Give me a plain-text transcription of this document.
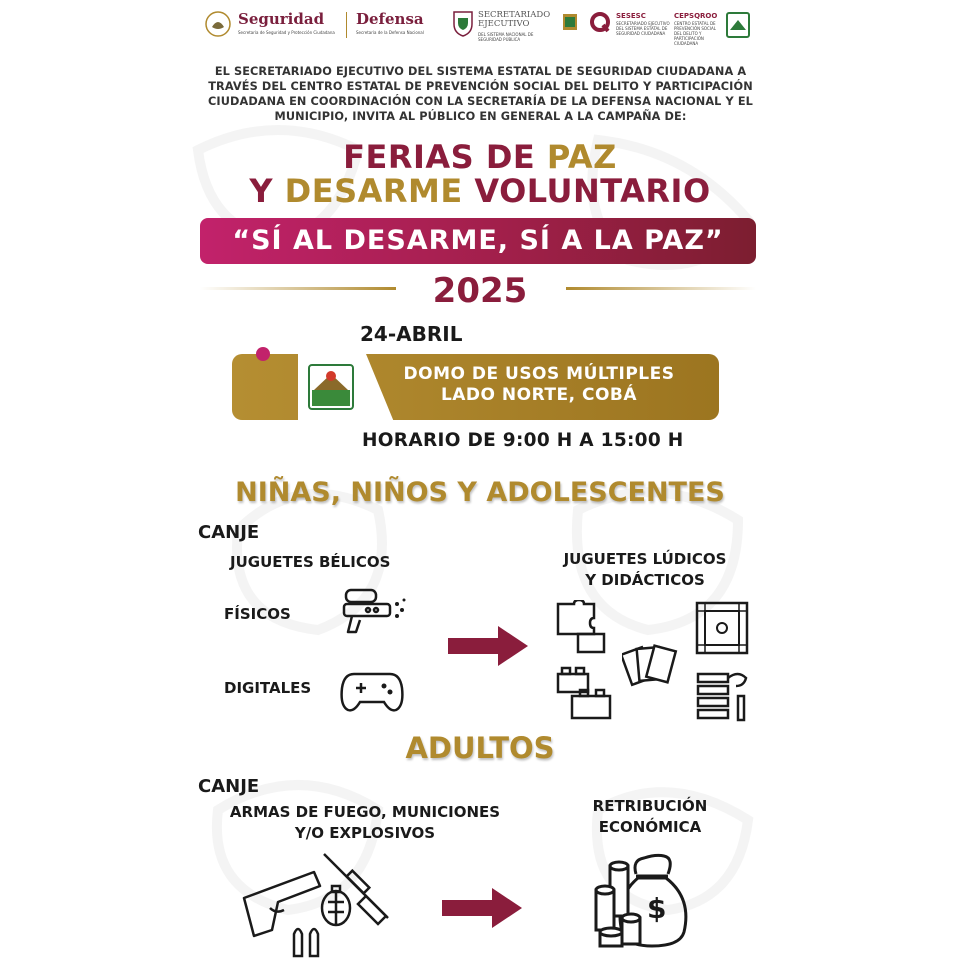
Seguridad
Secretaría de Seguridad y Protección Ciudadana
Defensa
Secretaría de la Defensa Nacional
SECRETARIADO EJECUTIVO
DEL SISTEMA NACIONAL DE SEGURIDAD PÚBLICA
SESESC
SECRETARIADO EJECUTIVO DEL SISTEMA ESTATAL DE SEGURIDAD CIUDADANA
CEPSQROO
CENTRO ESTATAL DE PREVENCIÓN SOCIAL DEL DELITO Y PARTICIPACIÓN CIUDADANA
EL SECRETARIADO EJECUTIVO DEL SISTEMA ESTATAL DE SEGURIDAD CIUDADANA A TRAVÉS DEL CENTRO ESTATAL DE PREVENCIÓN SOCIAL DEL DELITO Y PARTICIPACIÓN CIUDADANA EN COORDINACIÓN CON LA SECRETARÍA DE LA DEFENSA NACIONAL Y EL MUNICIPIO, INVITA AL PÚBLICO EN GENERAL A LA CAMPAÑA DE:
FERIAS DE PAZ
Y DESARME VOLUNTARIO
“SÍ AL DESARME, SÍ A LA PAZ”
2025
24-ABRIL
DOMO DE USOS MÚLTIPLES
LADO NORTE, COBÁ
HORARIO DE 9:00 H A 15:00 H
NIÑAS, NIÑOS Y ADOLESCENTES
CANJE
JUGUETES BÉLICOS
FÍSICOS
DIGITALES
JUGUETES LÚDICOS
Y DIDÁCTICOS
ADULTOS
CANJE
ARMAS DE FUEGO, MUNICIONES
Y/O EXPLOSIVOS
RETRIBUCIÓN
ECONÓMICA
$
